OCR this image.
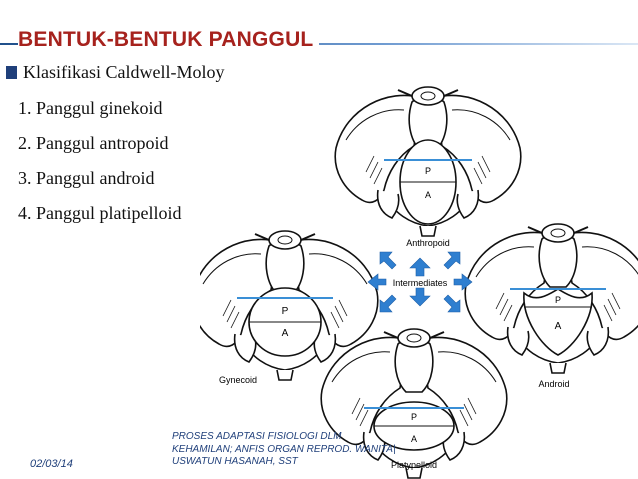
BENTUK-BENTUK PANGGUL
Klasifikasi Caldwell-Moloy
1. Panggul ginekoid
2. Panggul antropoid
3. Panggul android	P
A
Anthropoid
P
A
Gynecoid
P
A
Android
P
A
Platypelloid
Intermediates
4. Panggul platipelloid
02/03/14
PROSES ADAPTASI FISIOLOGI DLM
KEHAMILAN; ANFIS ORGAN REPROD. WANITA|
USWATUN HASANAH, SST
